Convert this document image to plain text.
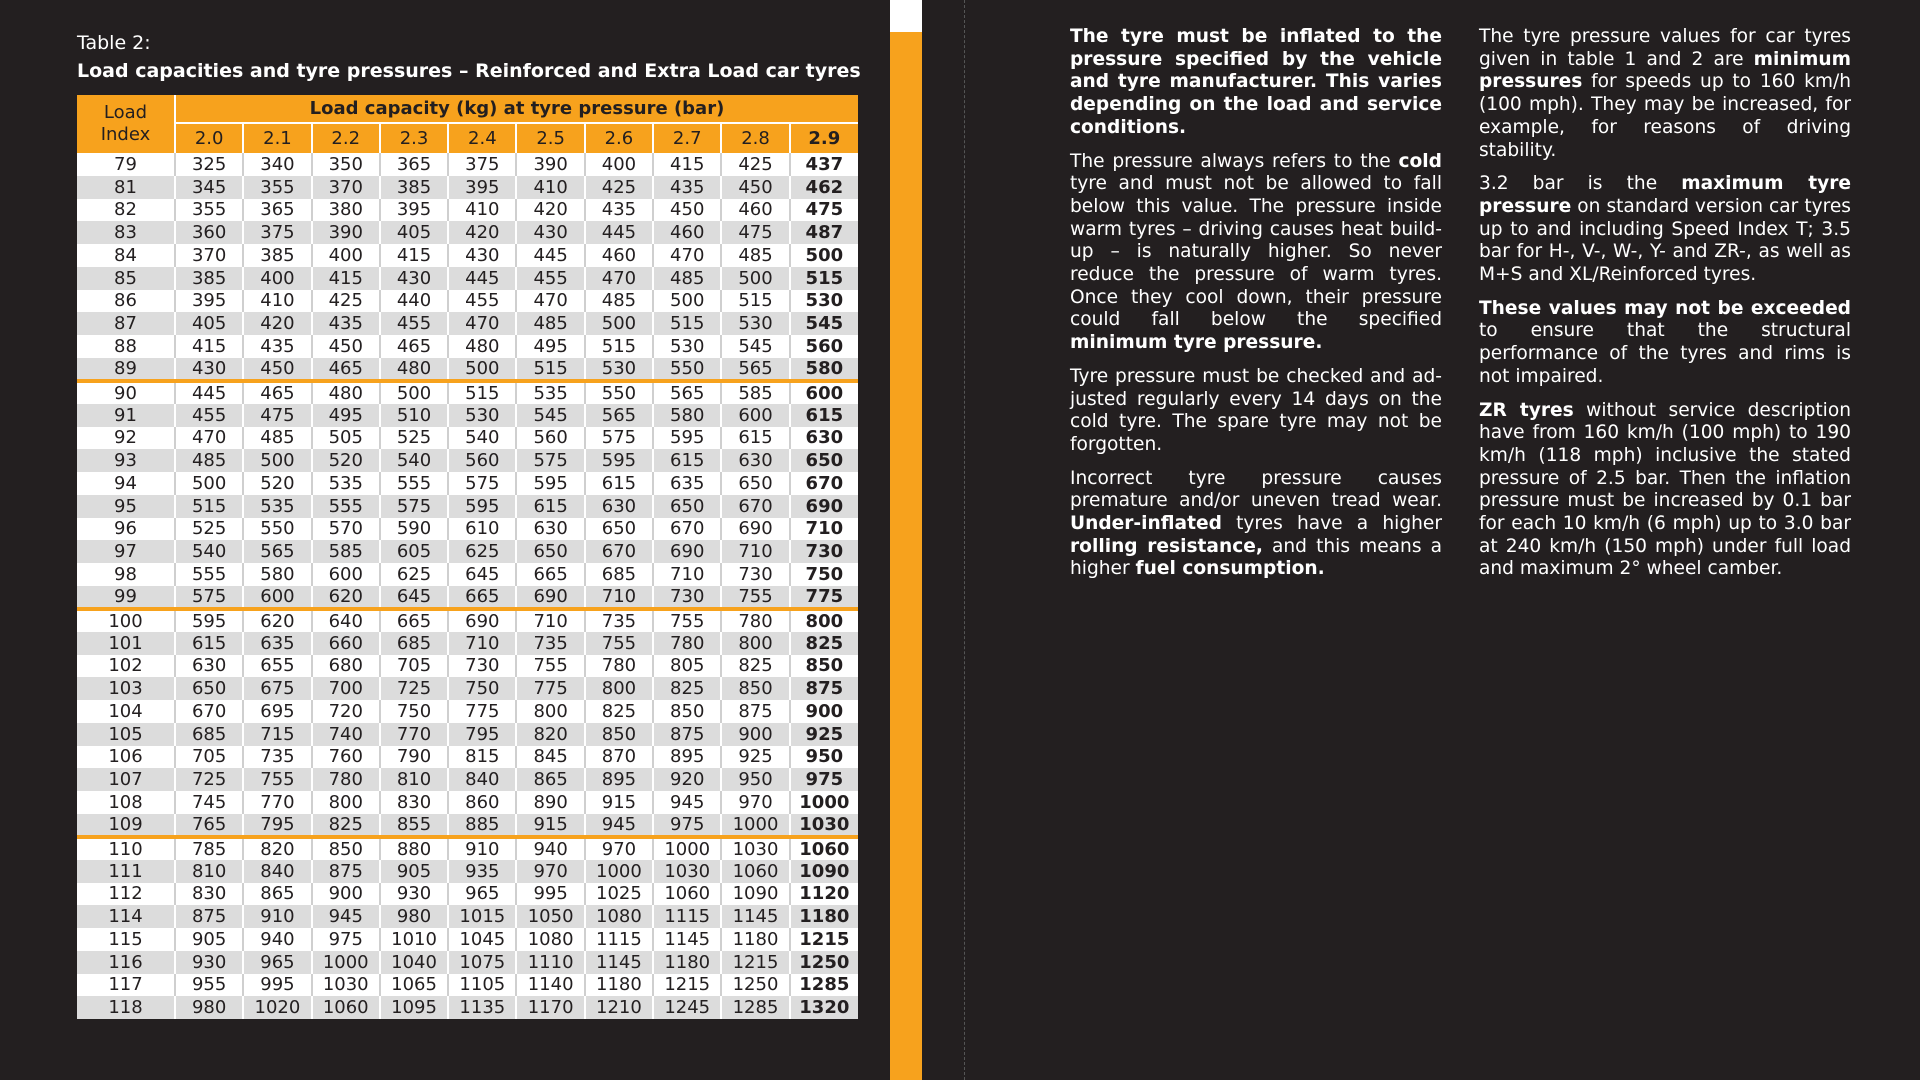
Table 2:
Load capacities and tyre pressures – Reinforced and Extra Load car tyres
Load Index	Load capacity (kg) at tyre pressure (bar)									
	2.0	2.1	2.2	2.3	2.4	2.5	2.6	2.7	2.8	2.9
79	325	340	350	365	375	390	400	415	425	437
81	345	355	370	385	395	410	425	435	450	462
82	355	365	380	395	410	420	435	450	460	475
83	360	375	390	405	420	430	445	460	475	487
84	370	385	400	415	430	445	460	470	485	500
85	385	400	415	430	445	455	470	485	500	515
86	395	410	425	440	455	470	485	500	515	530
87	405	420	435	455	470	485	500	515	530	545
88	415	435	450	465	480	495	515	530	545	560
89	430	450	465	480	500	515	530	550	565	580
90	445	465	480	500	515	535	550	565	585	600
91	455	475	495	510	530	545	565	580	600	615
92	470	485	505	525	540	560	575	595	615	630
93	485	500	520	540	560	575	595	615	630	650
94	500	520	535	555	575	595	615	635	650	670
95	515	535	555	575	595	615	630	650	670	690
96	525	550	570	590	610	630	650	670	690	710
97	540	565	585	605	625	650	670	690	710	730
98	555	580	600	625	645	665	685	710	730	750
99	575	600	620	645	665	690	710	730	755	775
100	595	620	640	665	690	710	735	755	780	800
101	615	635	660	685	710	735	755	780	800	825
102	630	655	680	705	730	755	780	805	825	850
103	650	675	700	725	750	775	800	825	850	875
104	670	695	720	750	775	800	825	850	875	900
105	685	715	740	770	795	820	850	875	900	925
106	705	735	760	790	815	845	870	895	925	950
107	725	755	780	810	840	865	895	920	950	975
108	745	770	800	830	860	890	915	945	970	1000
109	765	795	825	855	885	915	945	975	1000	1030
110	785	820	850	880	910	940	970	1000	1030	1060
111	810	840	875	905	935	970	1000	1030	1060	1090
112	830	865	900	930	965	995	1025	1060	1090	1120
114	875	910	945	980	1015	1050	1080	1115	1145	1180
115	905	940	975	1010	1045	1080	1115	1145	1180	1215
116	930	965	1000	1040	1075	1110	1145	1180	1215	1250
117	955	995	1030	1065	1105	1140	1180	1215	1250	1285
118	980	1020	1060	1095	1135	1170	1210	1245	1285	1320

The tyre must be inflated to the pressure specified by the vehicle and tyre manufacturer. This varies depending on the load and service conditions.

The pressure always refers to the cold tyre and must not be allowed to fall below this value. The pressure inside warm tyres – driving causes heat build-up – is naturally higher. So never reduce the pressure of warm tyres. Once they cool down, their pressure could fall below the specified minimum tyre pressure.

Tyre pressure must be checked and adjusted regularly every 14 days on the cold tyre. The spare tyre may not be forgotten.

Incorrect tyre pressure causes premature and/or uneven tread wear. Under-inflated tyres have a higher rolling resistance, and this means a higher fuel consumption.

The tyre pressure values for car tyres given in table 1 and 2 are minimum pressures for speeds up to 160 km/h (100 mph). They may be increased, for example, for reasons of driving stability.

3.2 bar is the maximum tyre pressure on standard version car tyres up to and including Speed Index T; 3.5 bar for H-, V-, W-, Y- and ZR-, as well as M+S and XL/Reinforced tyres.

These values may not be exceeded to ensure that the structural performance of the tyres and rims is not impaired.

ZR tyres without service description have from 160 km/h (100 mph) to 190 km/h (118 mph) inclusive the stated pressure of 2.5 bar. Then the inflation pressure must be increased by 0.1 bar for each 10 km/h (6 mph) up to 3.0 bar at 240 km/h (150 mph) under full load and maximum 2° wheel camber.
